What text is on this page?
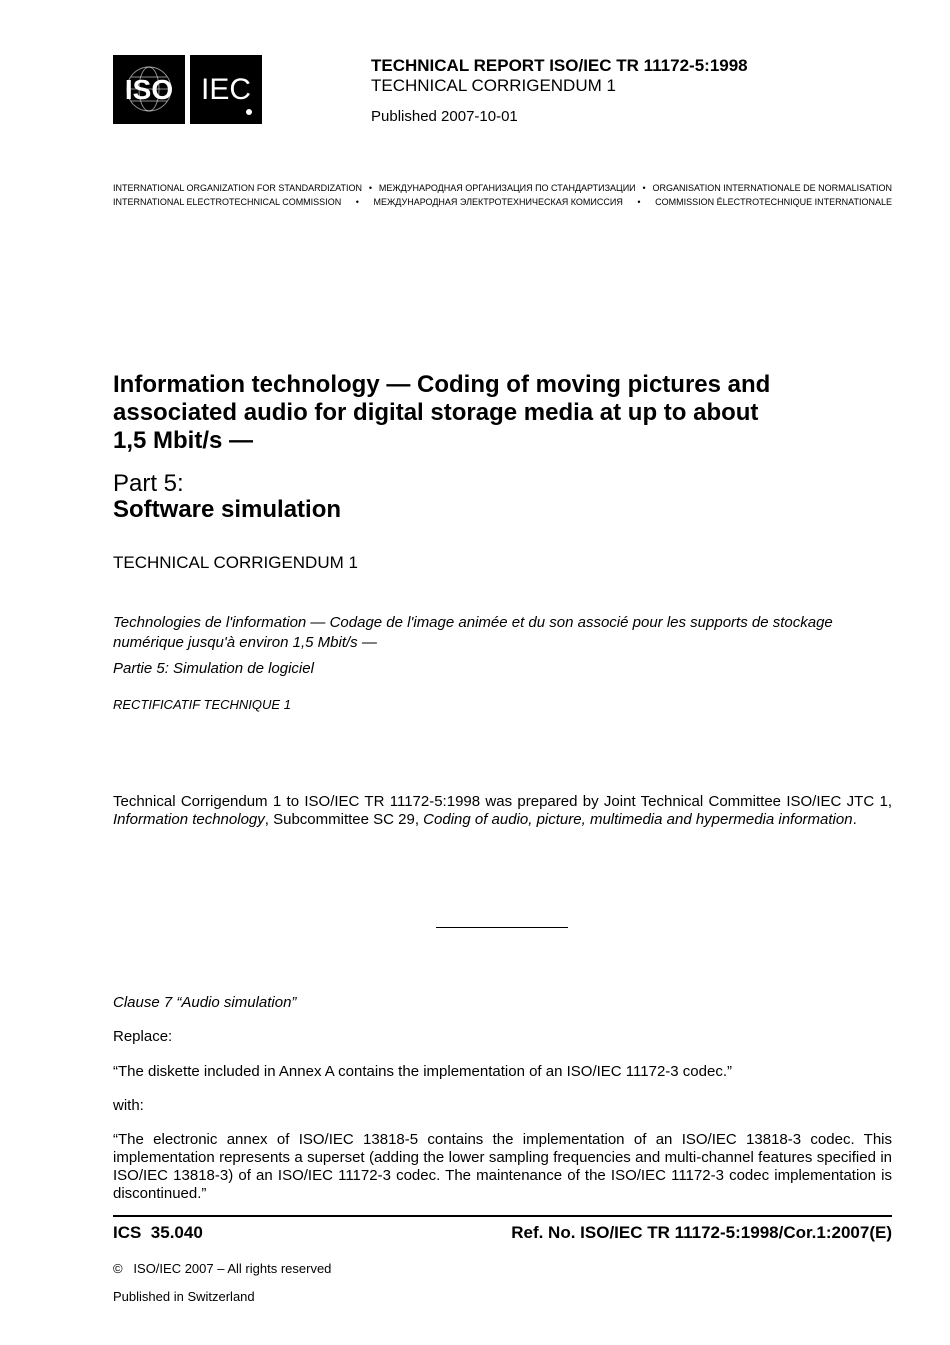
ISO IEC
TECHNICAL REPORT ISO/IEC TR 11172-5:1998
TECHNICAL CORRIGENDUM 1
Published 2007-10-01
INTERNATIONAL ORGANIZATION FOR STANDARDIZATION • МЕЖДУНАРОДНАЯ ОРГАНИЗАЦИЯ ПО СТАНДАРТИЗАЦИИ • ORGANISATION INTERNATIONALE DE NORMALISATION
INTERNATIONAL ELECTROTECHNICAL COMMISSION • МЕЖДУНАРОДНАЯ ЭЛЕКТРОТЕХНИЧЕСКАЯ КОМИССИЯ • COMMISSION ÉLECTROTECHNIQUE INTERNATIONALE
Information technology — Coding of moving pictures and
associated audio for digital storage media at up to about
1,5 Mbit/s —
Part 5:
Software simulation
TECHNICAL CORRIGENDUM 1
Technologies de l'information — Codage de l'image animée et du son associé pour les supports de stockage numérique jusqu'à environ 1,5 Mbit/s —
Partie 5: Simulation de logiciel
RECTIFICATIF TECHNIQUE 1
Technical Corrigendum 1 to ISO/IEC TR 11172-5:1998 was prepared by Joint Technical Committee ISO/IEC JTC 1, Information technology, Subcommittee SC 29, Coding of audio, picture, multimedia and hypermedia information.
Clause 7 “Audio simulation”
Replace:
“The diskette included in Annex A contains the implementation of an ISO/IEC 11172-3 codec.”
with:
“The electronic annex of ISO/IEC 13818-5 contains the implementation of an ISO/IEC 13818-3 codec. This implementation represents a superset (adding the lower sampling frequencies and multi-channel features specified in ISO/IEC 13818-3) of an ISO/IEC 11172-3 codec. The maintenance of the ISO/IEC 11172-3 codec implementation is discontinued.”
ICS  35.040	Ref. No. ISO/IEC TR 11172-5:1998/Cor.1:2007(E)
©   ISO/IEC 2007 – All rights reserved
Published in Switzerland
